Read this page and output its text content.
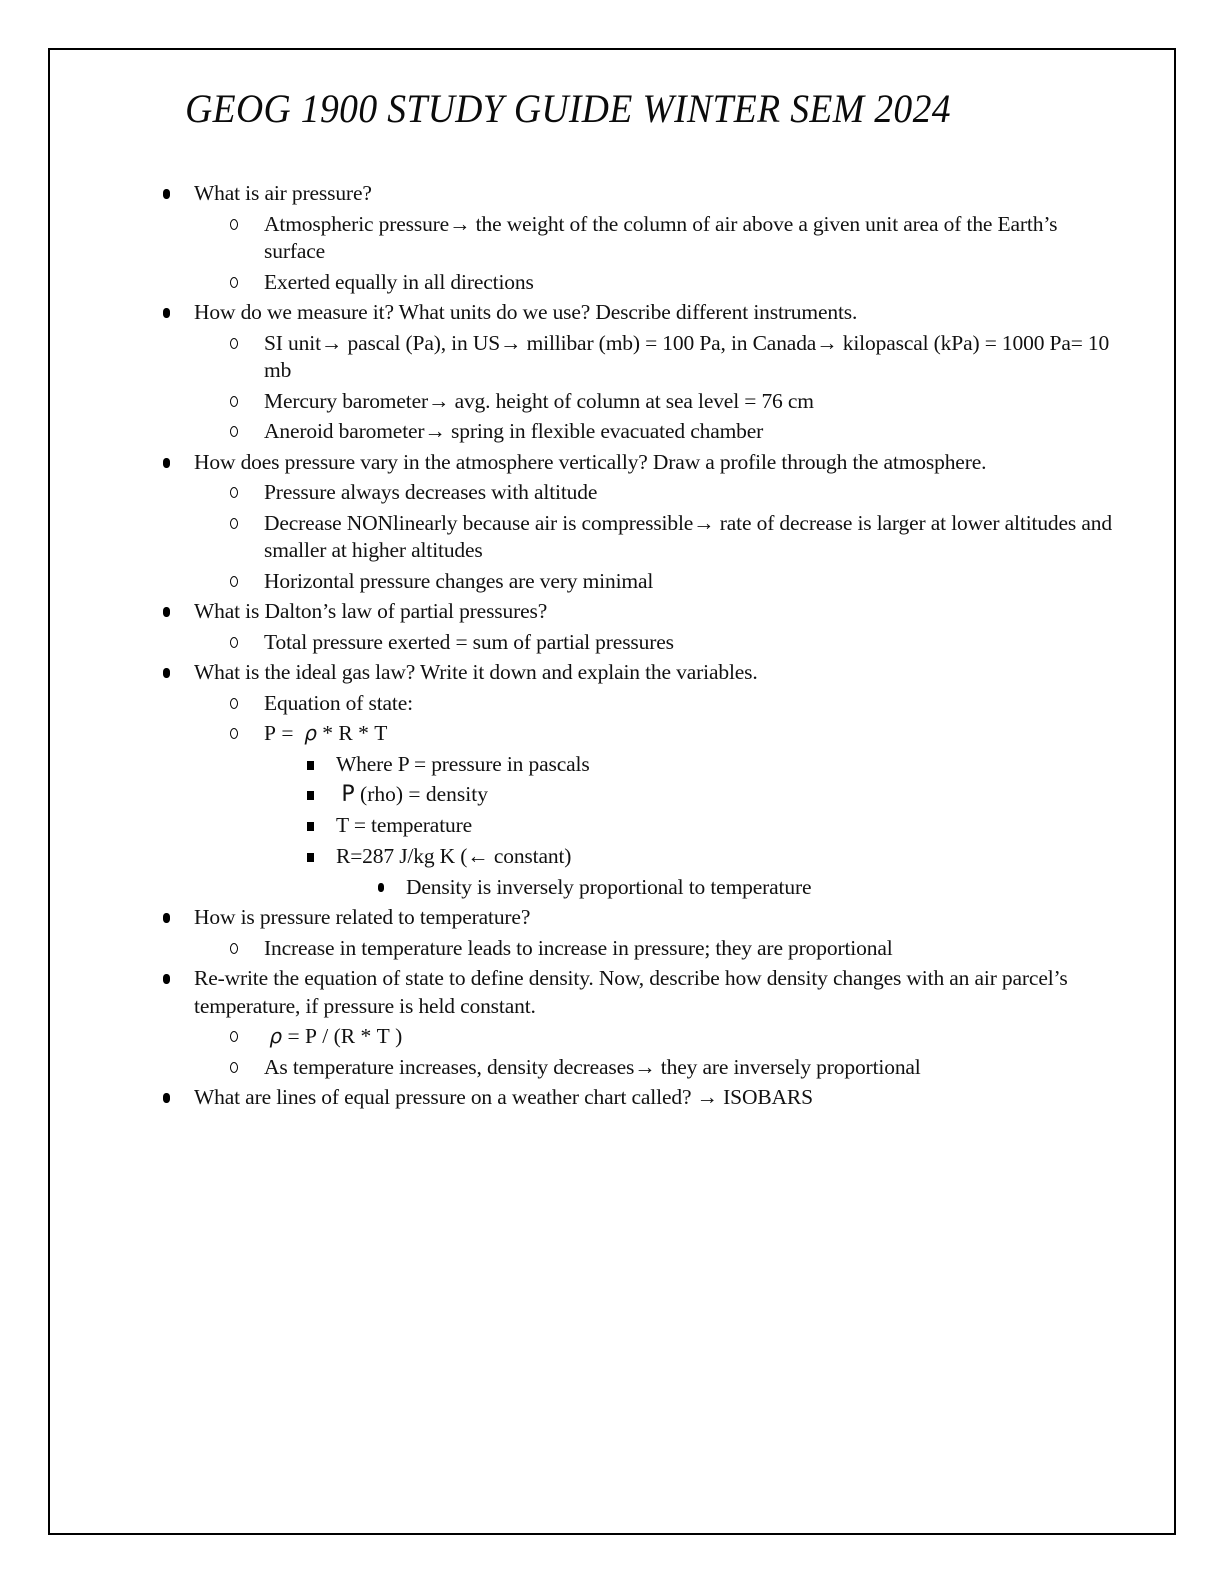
GEOG 1900 STUDY GUIDE WINTER SEM 2024
What is air pressure?
Atmospheric pressure→ the weight of the column of air above a given unit area of the Earth’s surface
Exerted equally in all directions
How do we measure it? What units do we use? Describe different instruments.
SI unit→ pascal (Pa), in US→ millibar (mb) = 100 Pa, in Canada→ kilopascal (kPa) = 1000 Pa= 10 mb
Mercury barometer→ avg. height of column at sea level = 76 cm
Aneroid barometer→ spring in flexible evacuated chamber
How does pressure vary in the atmosphere vertically? Draw a profile through the atmosphere.
Pressure always decreases with altitude
Decrease NONlinearly because air is compressible→ rate of decrease is larger at lower altitudes and smaller at higher altitudes
Horizontal pressure changes are very minimal
What is Dalton’s law of partial pressures?
Total pressure exerted = sum of partial pressures
What is the ideal gas law? Write it down and explain the variables.
Equation of state:
P =  ρ * R * T
Where P = pressure in pascals
Ρ (rho) = density
T = temperature
R=287 J/kg K (← constant)
Density is inversely proportional to temperature
How is pressure related to temperature?
Increase in temperature leads to increase in pressure; they are proportional
Re‑write the equation of state to define density. Now, describe how density changes with an air parcel’s temperature, if pressure is held constant.
ρ = P / (R * T )
As temperature increases, density decreases→ they are inversely proportional
What are lines of equal pressure on a weather chart called? → ISOBARS
